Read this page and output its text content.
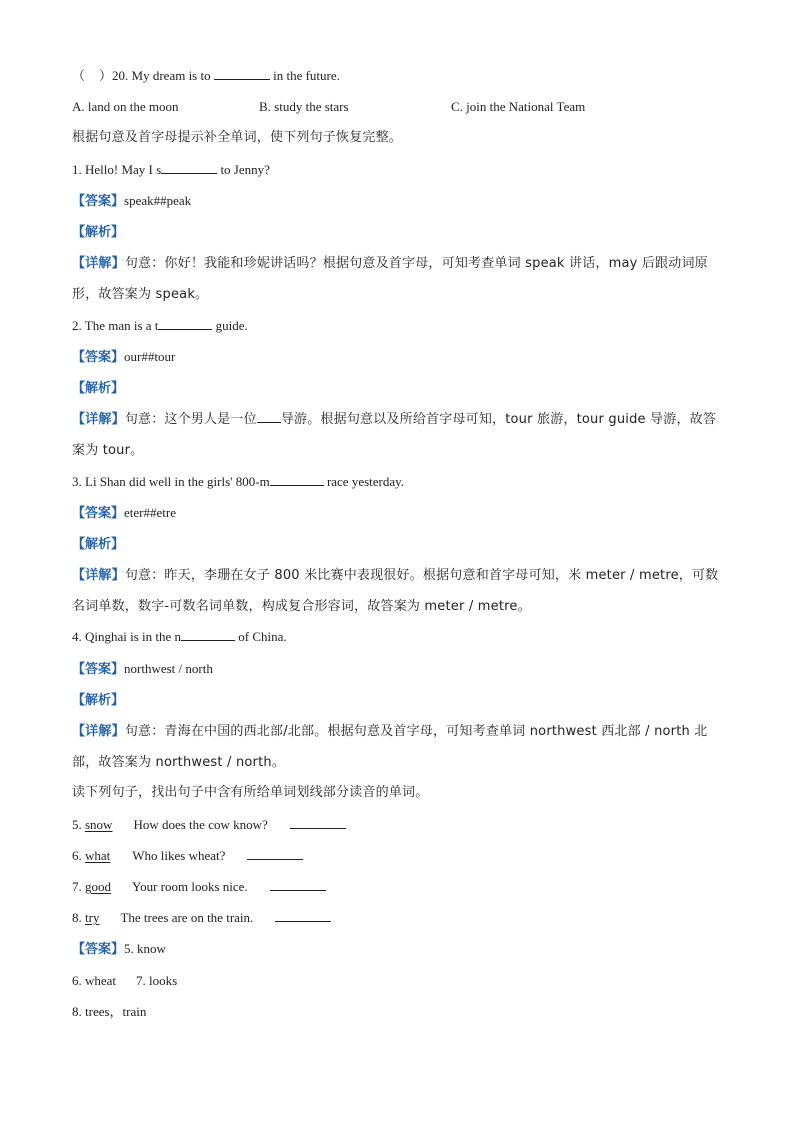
（ ）20. My dream is to	in the future.
A. land on the moon	B. study the stars	C. join the National Team
根据句意及首字母提示补全单词，使下列句子恢复完整。
1. Hello! May I s	to Jenny?
【答案】speak##peak
【解析】
【详解】句意：你好！我能和珍妮讲话吗？根据句意及首字母，可知考查单词 speak 讲话，may 后跟动词原形，故答案为 speak。
2. The man is a t	guide.
【答案】our##tour
【解析】
【详解】句意：这个男人是一位 导游。根据句意以及所给首字母可知，tour 旅游，tour guide 导游，故答案为 tour。
3. Li Shan did well in the girls' 800-m	race yesterday.
【答案】eter##etre
【解析】
【详解】句意：昨天，李珊在女子 800 米比赛中表现很好。根据句意和首字母可知，米 meter / metre，可数名词单数，数字-可数名词单数，构成复合形容词，故答案为 meter / metre。
4. Qinghai is in the n	of China.
【答案】northwest / north
【解析】
【详解】句意：青海在中国的西北部/北部。根据句意及首字母，可知考查单词 northwest 西北部 / north 北部，故答案为 northwest / north。
读下列句子，找出句子中含有所给单词划线部分读音的单词。
5. snow How does the cow know?
6. what Who likes wheat?
7. good Your room looks nice.
8. try The trees are on the train.
【答案】5. know
6. wheat 7. looks
8. trees，train
